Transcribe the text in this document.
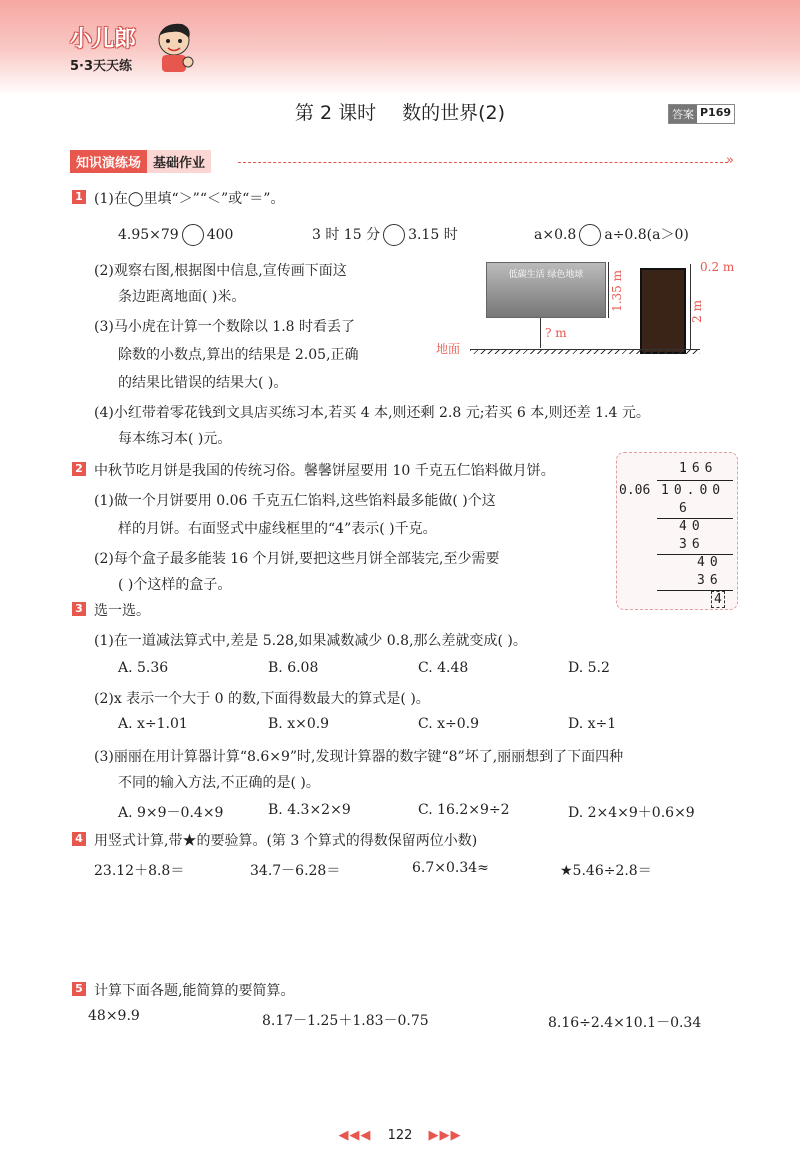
小儿郎
5·3天天练
第 2 课时 数的世界(2)	答案 P169
知识演练场 基础作业	»
1 (1)在◯里填“＞”“＜”或“＝”。
4.95×79 400	3 时 15 分 3.15 时	a×0.8 a÷0.8(a＞0)
(2)观察右图,根据图中信息,宣传画下面这
条边距离地面( )米。
(3)马小虎在计算一个数除以 1.8 时看丢了
除数的小数点,算出的结果是 2.05,正确
的结果比错误的结果大( )。
(4)小红带着零花钱到文具店买练习本,若买 4 本,则还剩 2.8 元;若买 6 本,则还差 1.4 元。
每本练习本( )元。
低碳生活 绿色地球
地面
? m
1.35 m	2 m
0.2 m
2 中秋节吃月饼是我国的传统习俗。馨馨饼屋要用 10 千克五仁馅料做月饼。
(1)做一个月饼要用 0.06 千克五仁馅料,这些馅料最多能做( )个这
样的月饼。右面竖式中虚线框里的“4”表示( )千克。
(2)每个盒子最多能装 16 个月饼,要把这些月饼全部装完,至少需要
( )个这样的盒子。
166
0.06 10.00
6
40
36
40
36
4
3 选一选。
(1)在一道减法算式中,差是 5.28,如果减数减少 0.8,那么差就变成( )。
A. 5.36	B. 6.08	C. 4.48	D. 5.2
(2)x 表示一个大于 0 的数,下面得数最大的算式是( )。
A. x÷1.01	B. x×0.9	C. x÷0.9	D. x÷1
(3)丽丽在用计算器计算“8.6×9”时,发现计算器的数字键“8”坏了,丽丽想到了下面四种
不同的输入方法,不正确的是( )。
A. 9×9－0.4×9	B. 4.3×2×9	C. 16.2×9÷2	D. 2×4×9＋0.6×9
4 用竖式计算,带★的要验算。(第 3 个算式的得数保留两位小数)
23.12＋8.8＝	34.7－6.28＝	6.7×0.34≈	★5.46÷2.8＝
5 计算下面各题,能简算的要简算。
48×9.9	8.17－1.25＋1.83－0.75	8.16÷2.4×10.1－0.34
◀◀◀ 122 ▶▶▶
